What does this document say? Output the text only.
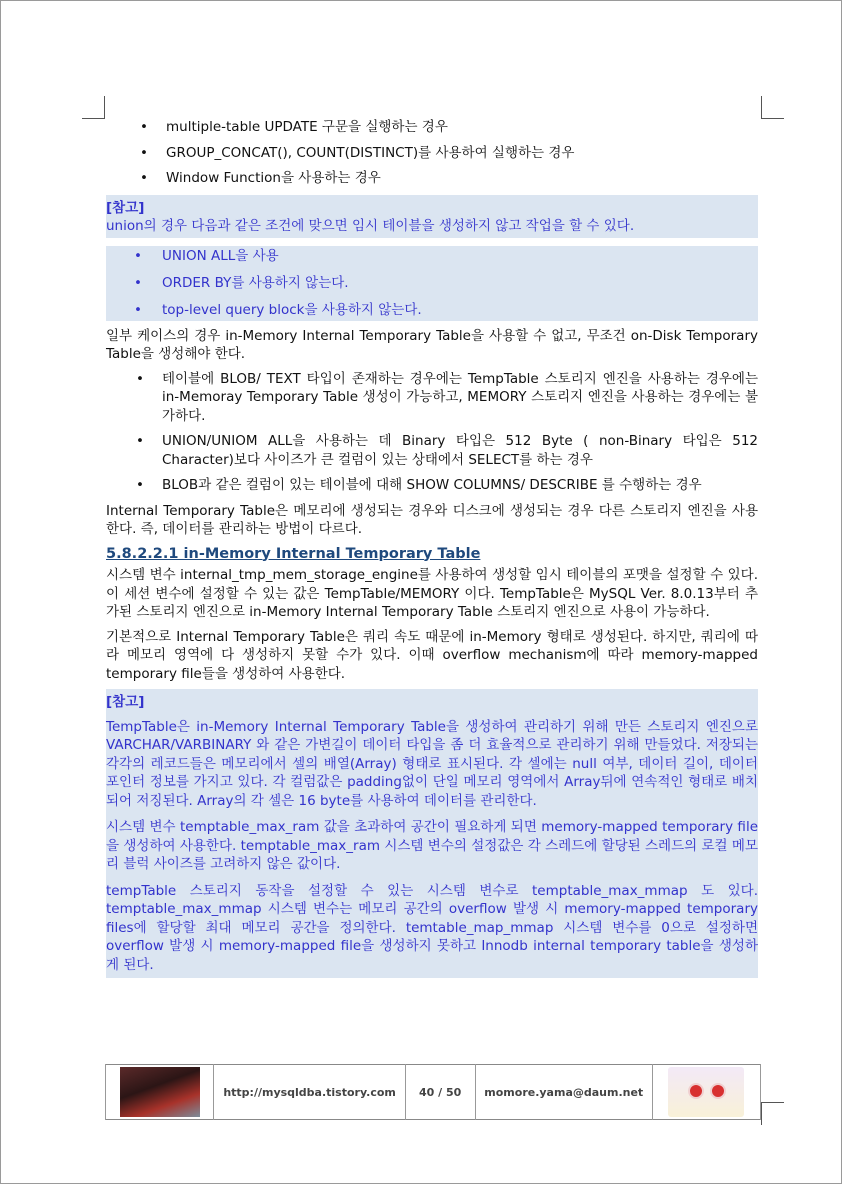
• multiple-table UPDATE 구문을 실행하는 경우
• GROUP_CONCAT(), COUNT(DISTINCT)를 사용하여 실행하는 경우
• Window Function을 사용하는 경우
[참고]
union의 경우 다음과 같은 조건에 맞으면 임시 테이블을 생성하지 않고 작업을 할 수 있다.
• UNION ALL을 사용
• ORDER BY를 사용하지 않는다.
• top-level query block을 사용하지 않는다.

일부 케이스의 경우 in-Memory Internal Temporary Table을 사용할 수 없고, 무조건 on-Disk Temporary Table을 생성해야 한다.

• 테이블에 BLOB/ TEXT 타입이 존재하는 경우에는 TempTable 스토리지 엔진을 사용하는 경우에는 in-Memoray Temporary Table 생성이 가능하고, MEMORY 스토리지 엔진을 사용하는 경우에는 불가하다.
• UNION/UNIOM ALL을 사용하는 데 Binary 타입은 512 Byte ( non-Binary 타입은 512 Character)보다 사이즈가 큰 컬럼이 있는 상태에서 SELECT를 하는 경우
• BLOB과 같은 컬럼이 있는 테이블에 대해 SHOW COLUMNS/ DESCRIBE 를 수행하는 경우

Internal Temporary Table은 메모리에 생성되는 경우와 디스크에 생성되는 경우 다른 스토리지 엔진을 사용한다. 즉, 데이터를 관리하는 방법이 다르다.

5.8.2.2.1 in-Memory Internal Temporary Table

시스템 변수 internal_tmp_mem_storage_engine를 사용하여 생성할 임시 테이블의 포맷을 설정할 수 있다. 이 세션 변수에 설정할 수 있는 값은 TempTable/MEMORY 이다. TempTable은 MySQL Ver. 8.0.13부터 추가된 스토리지 엔진으로 in-Memory Internal Temporary Table 스토리지 엔진으로 사용이 가능하다.

기본적으로 Internal Temporary Table은 쿼리 속도 때문에 in-Memory 형태로 생성된다. 하지만, 쿼리에 따라 메모리 영역에 다 생성하지 못할 수가 있다. 이때 overflow mechanism에 따라 memory-mapped temporary file들을 생성하여 사용한다.

[참고]

TempTable은 in-Memory Internal Temporary Table을 생성하여 관리하기 위해 만든 스토리지 엔진으로 VARCHAR/VARBINARY 와 같은 가변길이 데이터 타입을 좀 더 효율적으로 관리하기 위해 만들었다. 저장되는 각각의 레코드들은 메모리에서 셀의 배열(Array) 형태로 표시된다. 각 셀에는 null 여부, 데이터 길이, 데이터 포인터 정보를 가지고 있다. 각 컬럼값은 padding없이 단일 메모리 영역에서 Array뒤에 연속적인 형태로 배치되어 저징된다. Array의 각 셀은 16 byte를 사용하여 데이터를 관리한다.

시스템 변수 temptable_max_ram 값을 초과하여 공간이 필요하게 되면 memory-mapped temporary file을 생성하여 사용한다. temptable_max_ram 시스템 변수의 설정값은 각 스레드에 할당된 스레드의 로컬 메모리 블럭 사이즈를 고려하지 않은 값이다.

tempTable 스토리지 동작을 설정할 수 있는 시스템 변수로 temptable_max_mmap 도 있다. temptable_max_mmap 시스템 변수는 메모리 공간의 overflow 발생 시 memory-mapped temporary files에 할당할 최대 메모리 공간을 정의한다. temtable_map_mmap 시스템 변수를 0으로 설정하면 overflow 발생 시 memory-mapped file을 생성하지 못하고 Innodb internal temporary table을 생성하게 된다.

	http://mysqldba.tistory.com	40 / 50	momore.yama@daum.net	
